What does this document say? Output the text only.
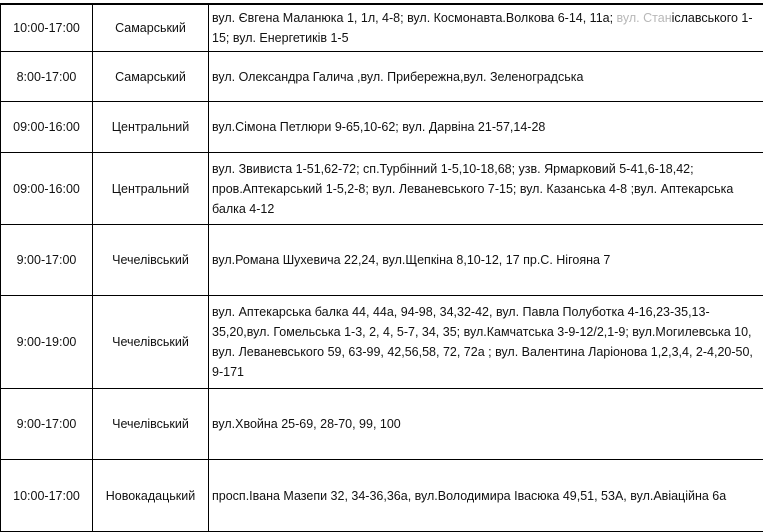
10:00-17:00	Самарський	вул. Євгена Маланюка 1, 1л, 4-8; вул. Космонавта.Волкова 6-14, 11а; вул. Станіславського 1-15; вул. Енергетиків 1-5
8:00-17:00	Самарський	вул. Олександра Галича ,вул. Прибережна,вул. Зеленоградська
09:00-16:00	Центральний	вул.Сімона Петлюри 9-65,10-62; вул. Дарвіна 21-57,14-28
09:00-16:00	Центральний	вул. Звивиста 1-51,62-72; сп.Турбінний 1-5,10-18,68; узв. Ярмарковий 5-41,6-18,42; пров.Аптекарський 1-5,2-8; вул. Леваневського 7-15; вул. Казанська 4-8 ;вул. Аптекарська балка 4-12
9:00-17:00	Чечелівський	вул.Романа Шухевича 22,24, вул.Щепкіна 8,10-12, 17 пр.С. Нігояна 7
9:00-19:00	Чечелівський	вул. Аптекарська балка 44, 44а, 94-98, 34,32-42, вул. Павла Полуботка 4-16,23-35,13-35,20,вул. Гомельська 1-3, 2, 4, 5-7, 34, 35; вул.Камчатська 3-9-12/2,1-9; вул.Могилевська 10, вул. Леваневського 59, 63-99, 42,56,58, 72, 72а ; вул. Валентина Ларіонова 1,2,3,4, 2-4,20-50, 9-171
9:00-17:00	Чечелівський	вул.Хвойна 25-69, 28-70, 99, 100
10:00-17:00	Новокадацький	просп.Івана Мазепи 32, 34-36,36а, вул.Володимира Івасюка 49,51, 53А, вул.Авіаційна 6а
